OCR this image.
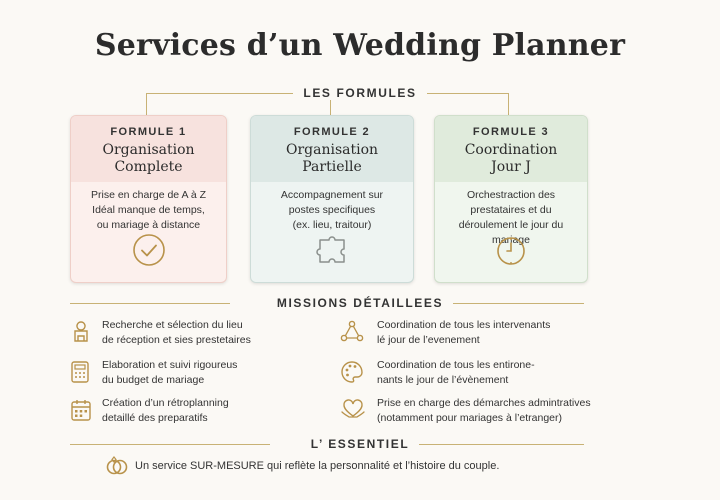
Services d’un Wedding Planner
LES FORMULES
FORMULE 1
Organisation
Complete
Prise en charge de A à Z
Idéal manque de temps,
ou mariage à distance
FORMULE 2
Organisation
Partielle
Accompagnement sur
postes specifiques
(ex. lieu, traitour)
FORMULE 3
Coordination
Jour J
Orchestraction des
prestataires et du
déroulement le jour du
mariage
MISSIONS DÉTAILLEES
Recherche et sélection du lieu
de réception et sies prestetaires
Coordination de tous les intervenants
lé jour de l’evenement
Elaboration et suivi rigoureus
du budget de mariage
Coordination de tous les entirone-
nants le jour de l’évènement
Création d’un rétroplanning
detaillé des preparatifs
Prise en charge des démarches admintratives
(notamment pour mariages à l’etranger)
L’ ESSENTIEL
Un service SUR-MESURE qui reflète la personnalité et l’histoire du couple.
